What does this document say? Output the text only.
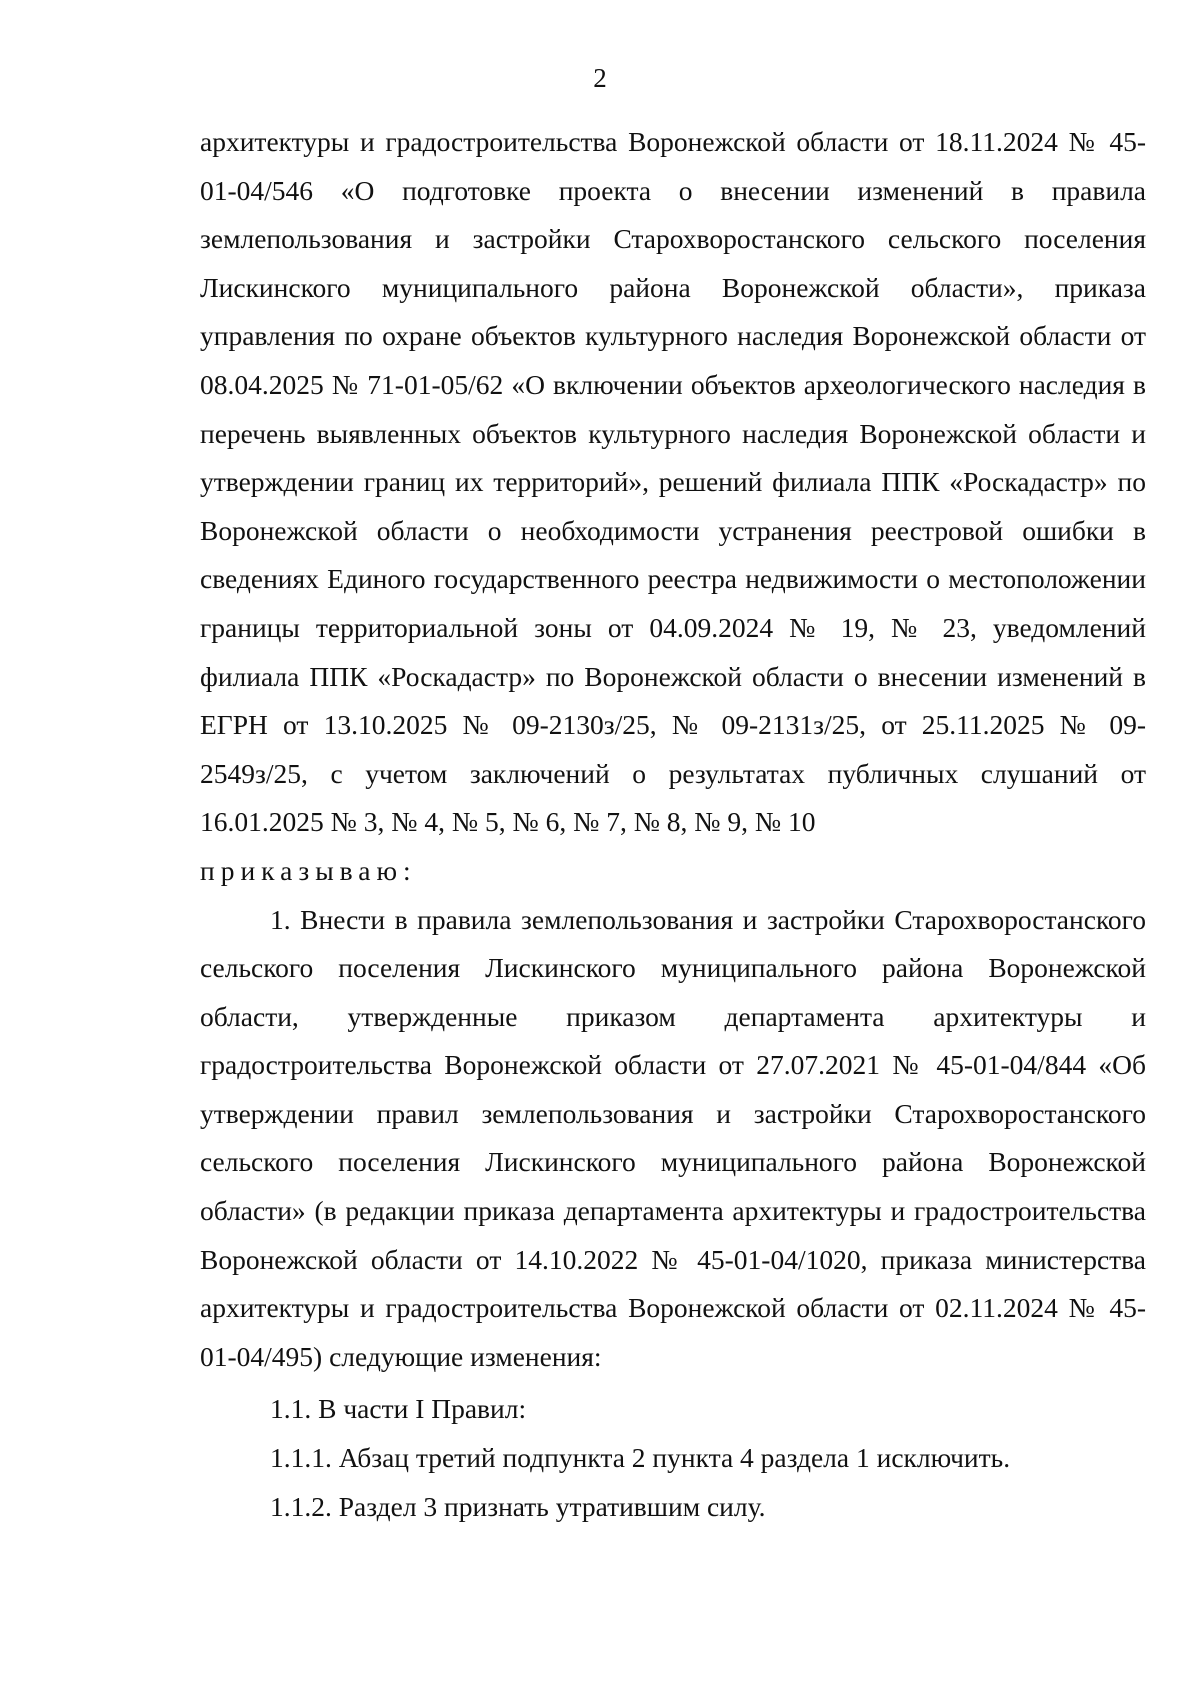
2

архитектуры и градостроительства Воронежской области от 18.11.2024 № 45-01-04/546 «О подготовке проекта о внесении изменений в правила землепользования и застройки Старохворостанского сельского поселения Лискинского муниципального района Воронежской области», приказа управления по охране объектов культурного наследия Воронежской области от 08.04.2025 № 71-01-05/62 «О включении объектов археологического наследия в перечень выявленных объектов культурного наследия Воронежской области и утверждении границ их территорий», решений филиала ППК «Роскадастр» по Воронежской области о необходимости устранения реестровой ошибки в сведениях Единого государственного реестра недвижимости о местоположении границы территориальной зоны от 04.09.2024 № 19, № 23, уведомлений филиала ППК «Роскадастр» по Воронежской области о внесении изменений в ЕГРН от 13.10.2025 № 09-2130з/25, № 09-2131з/25, от 25.11.2025 № 09-2549з/25, с учетом заключений о результатах публичных слушаний от 16.01.2025 № 3, № 4, № 5, № 6, № 7, № 8, № 9, № 10

приказываю:

1. Внести в правила землепользования и застройки Старохворостанского сельского поселения Лискинского муниципального района Воронежской области, утвержденные приказом департамента архитектуры и градостроительства Воронежской области от 27.07.2021 № 45-01-04/844 «Об утверждении правил землепользования и застройки Старохворостанского сельского поселения Лискинского муниципального района Воронежской области» (в редакции приказа департамента архитектуры и градостроительства Воронежской области от 14.10.2022 № 45-01-04/1020, приказа министерства архитектуры и градостроительства Воронежской области от 02.11.2024 № 45-01-04/495) следующие изменения:

1.1. В части I Правил:

1.1.1. Абзац третий подпункта 2 пункта 4 раздела 1 исключить.

1.1.2. Раздел 3 признать утратившим силу.
